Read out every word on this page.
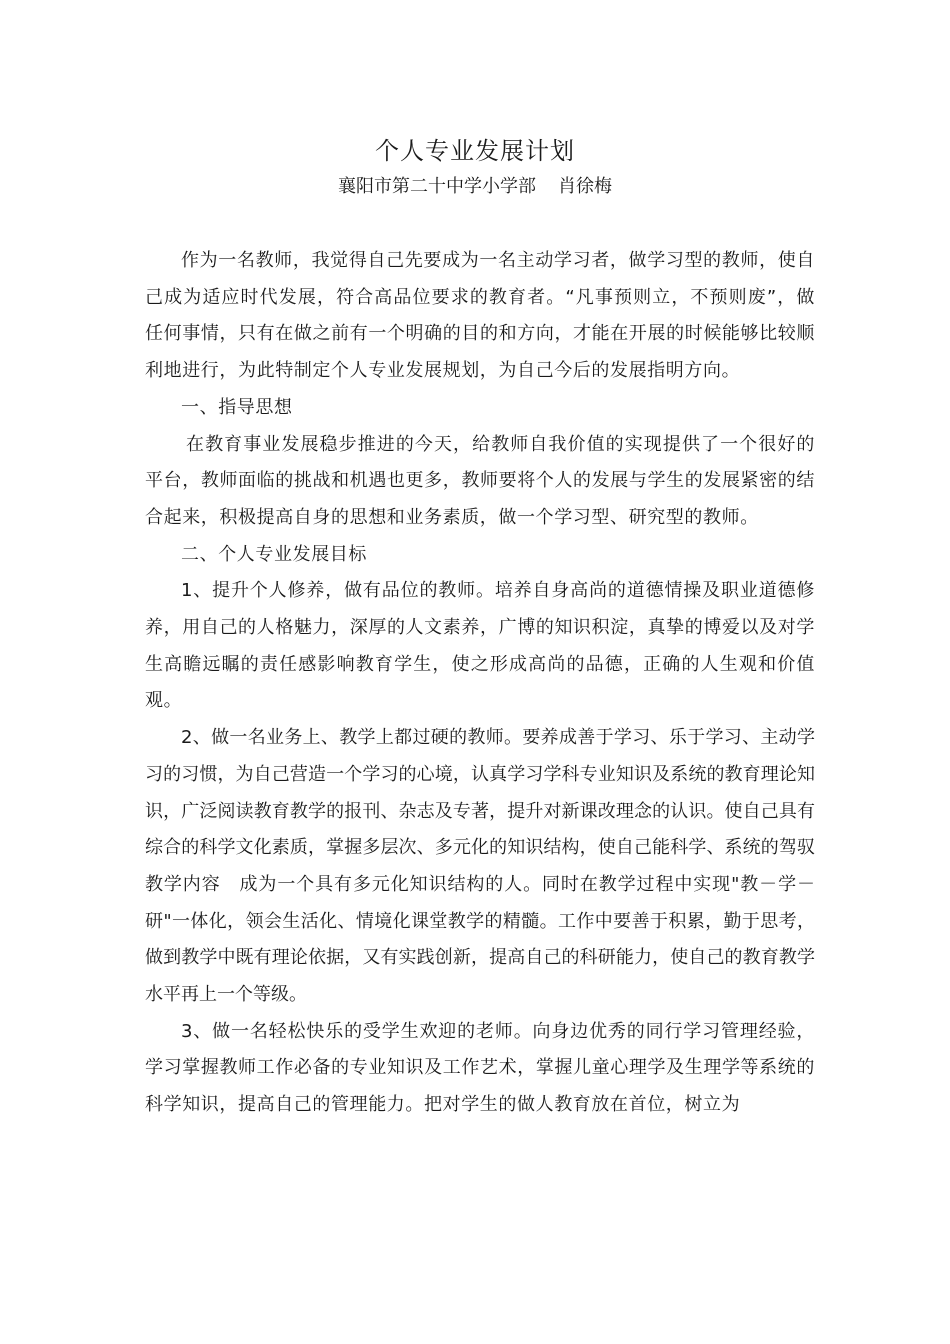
个人专业发展计划
襄阳市第二十中学小学部 肖徐梅

作为一名教师，我觉得自己先要成为一名主动学习者，做学习型的教师，使自己成为适应时代发展，符合高品位要求的教育者。“凡事预则立，不预则废”，做任何事情，只有在做之前有一个明确的目的和方向，才能在开展的时候能够比较顺利地进行，为此特制定个人专业发展规划，为自己今后的发展指明方向。

一、指导思想

在教育事业发展稳步推进的今天，给教师自我价值的实现提供了一个很好的平台，教师面临的挑战和机遇也更多，教师要将个人的发展与学生的发展紧密的结合起来，积极提高自身的思想和业务素质，做一个学习型、研究型的教师。

二、个人专业发展目标

1、提升个人修养，做有品位的教师。培养自身高尚的道德情操及职业道德修养，用自己的人格魅力，深厚的人文素养，广博的知识积淀，真挚的博爱以及对学生高瞻远瞩的责任感影响教育学生，使之形成高尚的品德，正确的人生观和价值观。

2、做一名业务上、教学上都过硬的教师。要养成善于学习、乐于学习、主动学习的习惯，为自己营造一个学习的心境，认真学习学科专业知识及系统的教育理论知识，广泛阅读教育教学的报刊、杂志及专著，提升对新课改理念的认识。使自己具有综合的科学文化素质，掌握多层次、多元化的知识结构，使自己能科学、系统的驾驭教学内容　成为一个具有多元化知识结构的人。同时在教学过程中实现"教－学－研"一体化，领会生活化、情境化课堂教学的精髓。工作中要善于积累，勤于思考，做到教学中既有理论依据，又有实践创新，提高自己的科研能力，使自己的教育教学水平再上一个等级。

3、做一名轻松快乐的受学生欢迎的老师。向身边优秀的同行学习管理经验，学习掌握教师工作必备的专业知识及工作艺术，掌握儿童心理学及生理学等系统的科学知识，提高自己的管理能力。把对学生的做人教育放在首位，树立为
